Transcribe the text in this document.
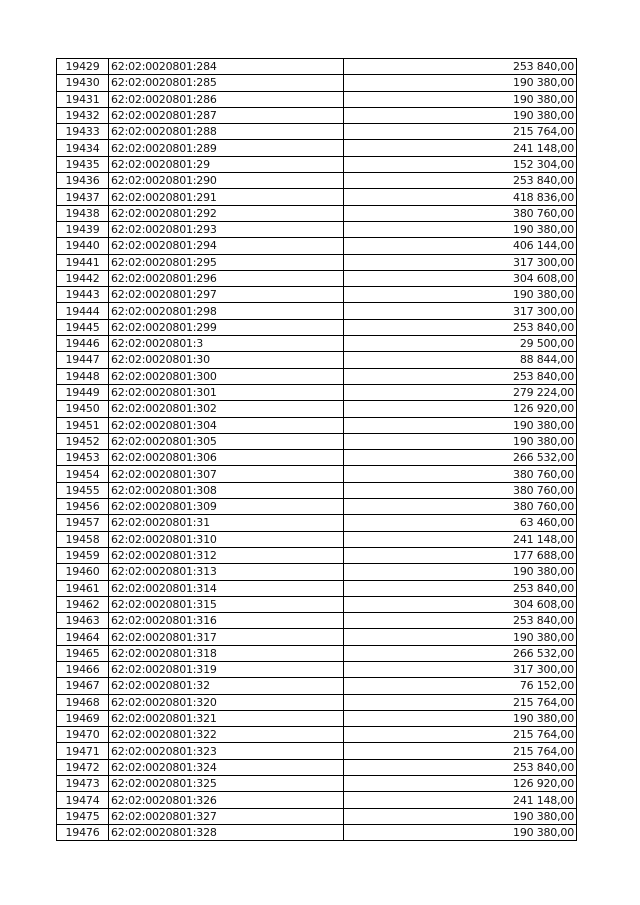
19429	62:02:0020801:284	253 840,00
19430	62:02:0020801:285	190 380,00
19431	62:02:0020801:286	190 380,00
19432	62:02:0020801:287	190 380,00
19433	62:02:0020801:288	215 764,00
19434	62:02:0020801:289	241 148,00
19435	62:02:0020801:29	152 304,00
19436	62:02:0020801:290	253 840,00
19437	62:02:0020801:291	418 836,00
19438	62:02:0020801:292	380 760,00
19439	62:02:0020801:293	190 380,00
19440	62:02:0020801:294	406 144,00
19441	62:02:0020801:295	317 300,00
19442	62:02:0020801:296	304 608,00
19443	62:02:0020801:297	190 380,00
19444	62:02:0020801:298	317 300,00
19445	62:02:0020801:299	253 840,00
19446	62:02:0020801:3	29 500,00
19447	62:02:0020801:30	88 844,00
19448	62:02:0020801:300	253 840,00
19449	62:02:0020801:301	279 224,00
19450	62:02:0020801:302	126 920,00
19451	62:02:0020801:304	190 380,00
19452	62:02:0020801:305	190 380,00
19453	62:02:0020801:306	266 532,00
19454	62:02:0020801:307	380 760,00
19455	62:02:0020801:308	380 760,00
19456	62:02:0020801:309	380 760,00
19457	62:02:0020801:31	63 460,00
19458	62:02:0020801:310	241 148,00
19459	62:02:0020801:312	177 688,00
19460	62:02:0020801:313	190 380,00
19461	62:02:0020801:314	253 840,00
19462	62:02:0020801:315	304 608,00
19463	62:02:0020801:316	253 840,00
19464	62:02:0020801:317	190 380,00
19465	62:02:0020801:318	266 532,00
19466	62:02:0020801:319	317 300,00
19467	62:02:0020801:32	76 152,00
19468	62:02:0020801:320	215 764,00
19469	62:02:0020801:321	190 380,00
19470	62:02:0020801:322	215 764,00
19471	62:02:0020801:323	215 764,00
19472	62:02:0020801:324	253 840,00
19473	62:02:0020801:325	126 920,00
19474	62:02:0020801:326	241 148,00
19475	62:02:0020801:327	190 380,00
19476	62:02:0020801:328	190 380,00
